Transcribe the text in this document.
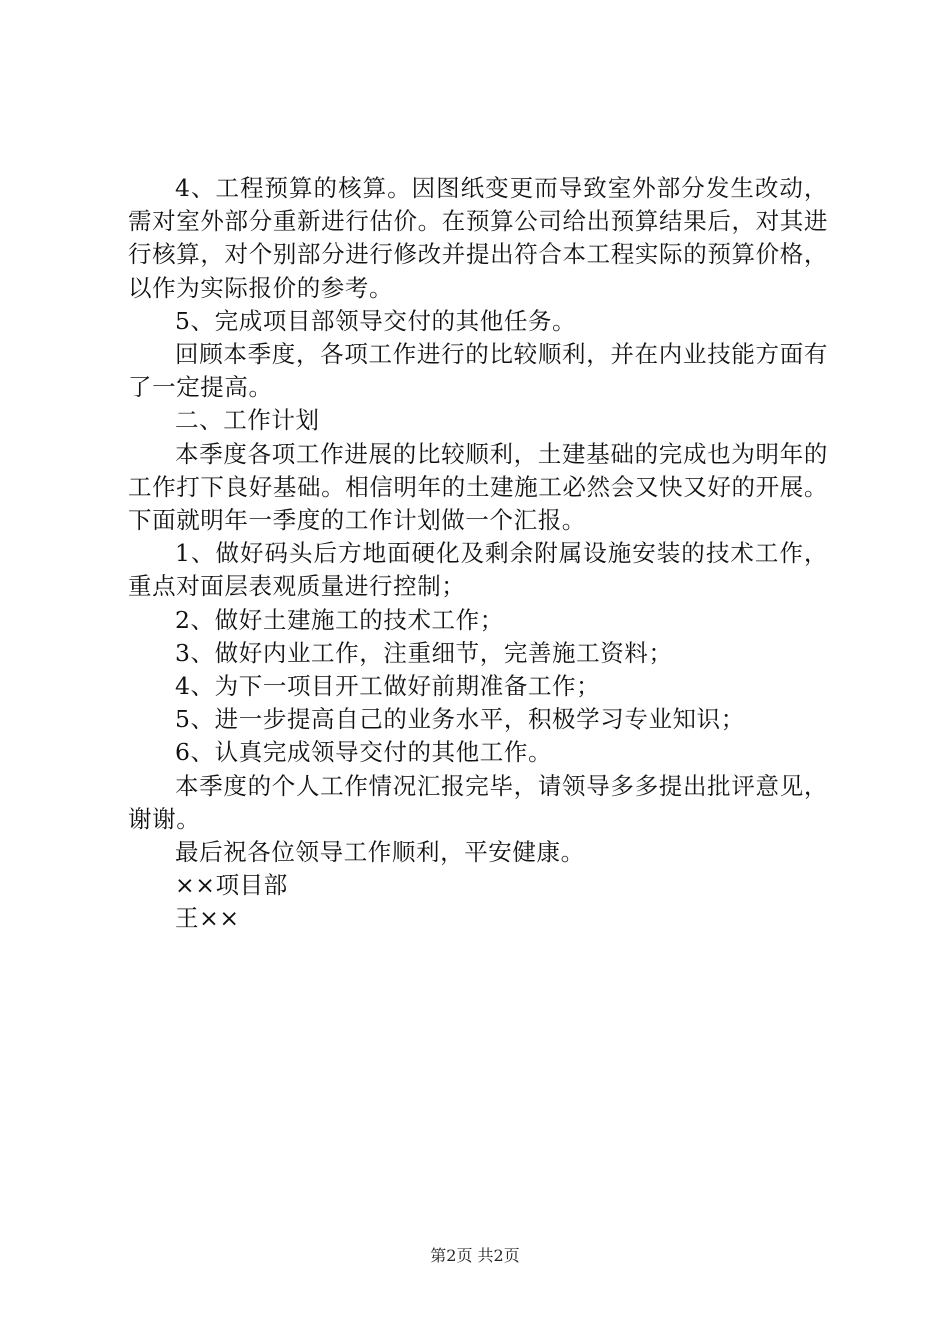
4、工程预算的核算。因图纸变更而导致室外部分发生改动，需对室外部分重新进行估价。在预算公司给出预算结果后，对其进行核算，对个别部分进行修改并提出符合本工程实际的预算价格，以作为实际报价的参考。

5、完成项目部领导交付的其他任务。

回顾本季度，各项工作进行的比较顺利，并在内业技能方面有了一定提高。

二、工作计划

本季度各项工作进展的比较顺利，土建基础的完成也为明年的工作打下良好基础。相信明年的土建施工必然会又快又好的开展。下面就明年一季度的工作计划做一个汇报。

1、做好码头后方地面硬化及剩余附属设施安装的技术工作，重点对面层表观质量进行控制；

2、做好土建施工的技术工作；

3、做好内业工作，注重细节，完善施工资料；

4、为下一项目开工做好前期准备工作；

5、进一步提高自己的业务水平，积极学习专业知识；

6、认真完成领导交付的其他工作。

本季度的个人工作情况汇报完毕，请领导多多提出批评意见，谢谢。

最后祝各位领导工作顺利，平安健康。

××项目部

王××

第2页 共2页
